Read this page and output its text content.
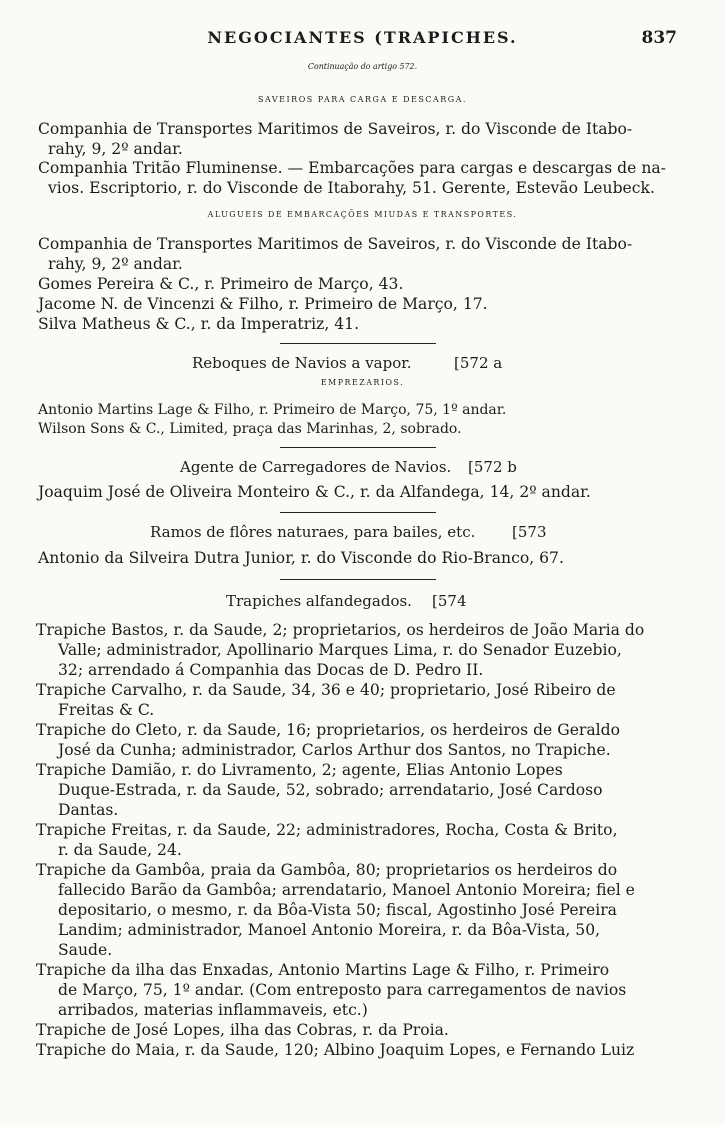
NEGOCIANTES (TRAPICHES.	837
Continuação do artigo 572.
SAVEIROS PARA CARGA E DESCARGA.
Companhia de Transportes Maritimos de Saveiros, r. do Visconde de Itabo-
rahy, 9, 2º andar.
Companhia Tritão Fluminense. — Embarcações para cargas e descargas de na-
vios. Escriptorio, r. do Visconde de Itaborahy, 51. Gerente, Estevão Leubeck.
ALUGUEIS DE EMBARCAÇÕES MIUDAS E TRANSPORTES.
Companhia de Transportes Maritimos de Saveiros, r. do Visconde de Itabo-
rahy, 9, 2º andar.
Gomes Pereira & C., r. Primeiro de Março, 43.
Jacome N. de Vincenzi & Filho, r. Primeiro de Março, 17.
Silva Matheus & C., r. da Imperatriz, 41.
Reboques de Navios a vapor.	[572 a
EMPREZARIOS.
Antonio Martins Lage & Filho, r. Primeiro de Março, 75, 1º andar.
Wilson Sons & C., Limited, praça das Marinhas, 2, sobrado.
Agente de Carregadores de Navios. [572 b
Joaquim José de Oliveira Monteiro & C., r. da Alfandega, 14, 2º andar.
Ramos de flôres naturaes, para bailes, etc. [573
Antonio da Silveira Dutra Junior, r. do Visconde do Rio-Branco, 67.
Trapiches alfandegados. [574
Trapiche Bastos, r. da Saude, 2; proprietarios, os herdeiros de João Maria do
Valle; administrador, Apollinario Marques Lima, r. do Senador Euzebio,
32; arrendado á Companhia das Docas de D. Pedro II.
Trapiche Carvalho, r. da Saude, 34, 36 e 40; proprietario, José Ribeiro de
Freitas & C.
Trapiche do Cleto, r. da Saude, 16; proprietarios, os herdeiros de Geraldo
José da Cunha; administrador, Carlos Arthur dos Santos, no Trapiche.
Trapiche Damião, r. do Livramento, 2; agente, Elias Antonio Lopes
Duque-Estrada, r. da Saude, 52, sobrado; arrendatario, José Cardoso
Dantas.
Trapiche Freitas, r. da Saude, 22; administradores, Rocha, Costa & Brito,
r. da Saude, 24.
Trapiche da Gambôa, praia da Gambôa, 80; proprietarios os herdeiros do
fallecido Barão da Gambôa; arrendatario, Manoel Antonio Moreira; fiel e
depositario, o mesmo, r. da Bôa-Vista 50; fiscal, Agostinho José Pereira
Landim; administrador, Manoel Antonio Moreira, r. da Bôa-Vista, 50,
Saude.
Trapiche da ilha das Enxadas, Antonio Martins Lage & Filho, r. Primeiro
de Março, 75, 1º andar. (Com entreposto para carregamentos de navios
arribados, materias inflammaveis, etc.)
Trapiche de José Lopes, ilha das Cobras, r. da Proia.
Trapiche do Maia, r. da Saude, 120; Albino Joaquim Lopes, e Fernando Luiz
